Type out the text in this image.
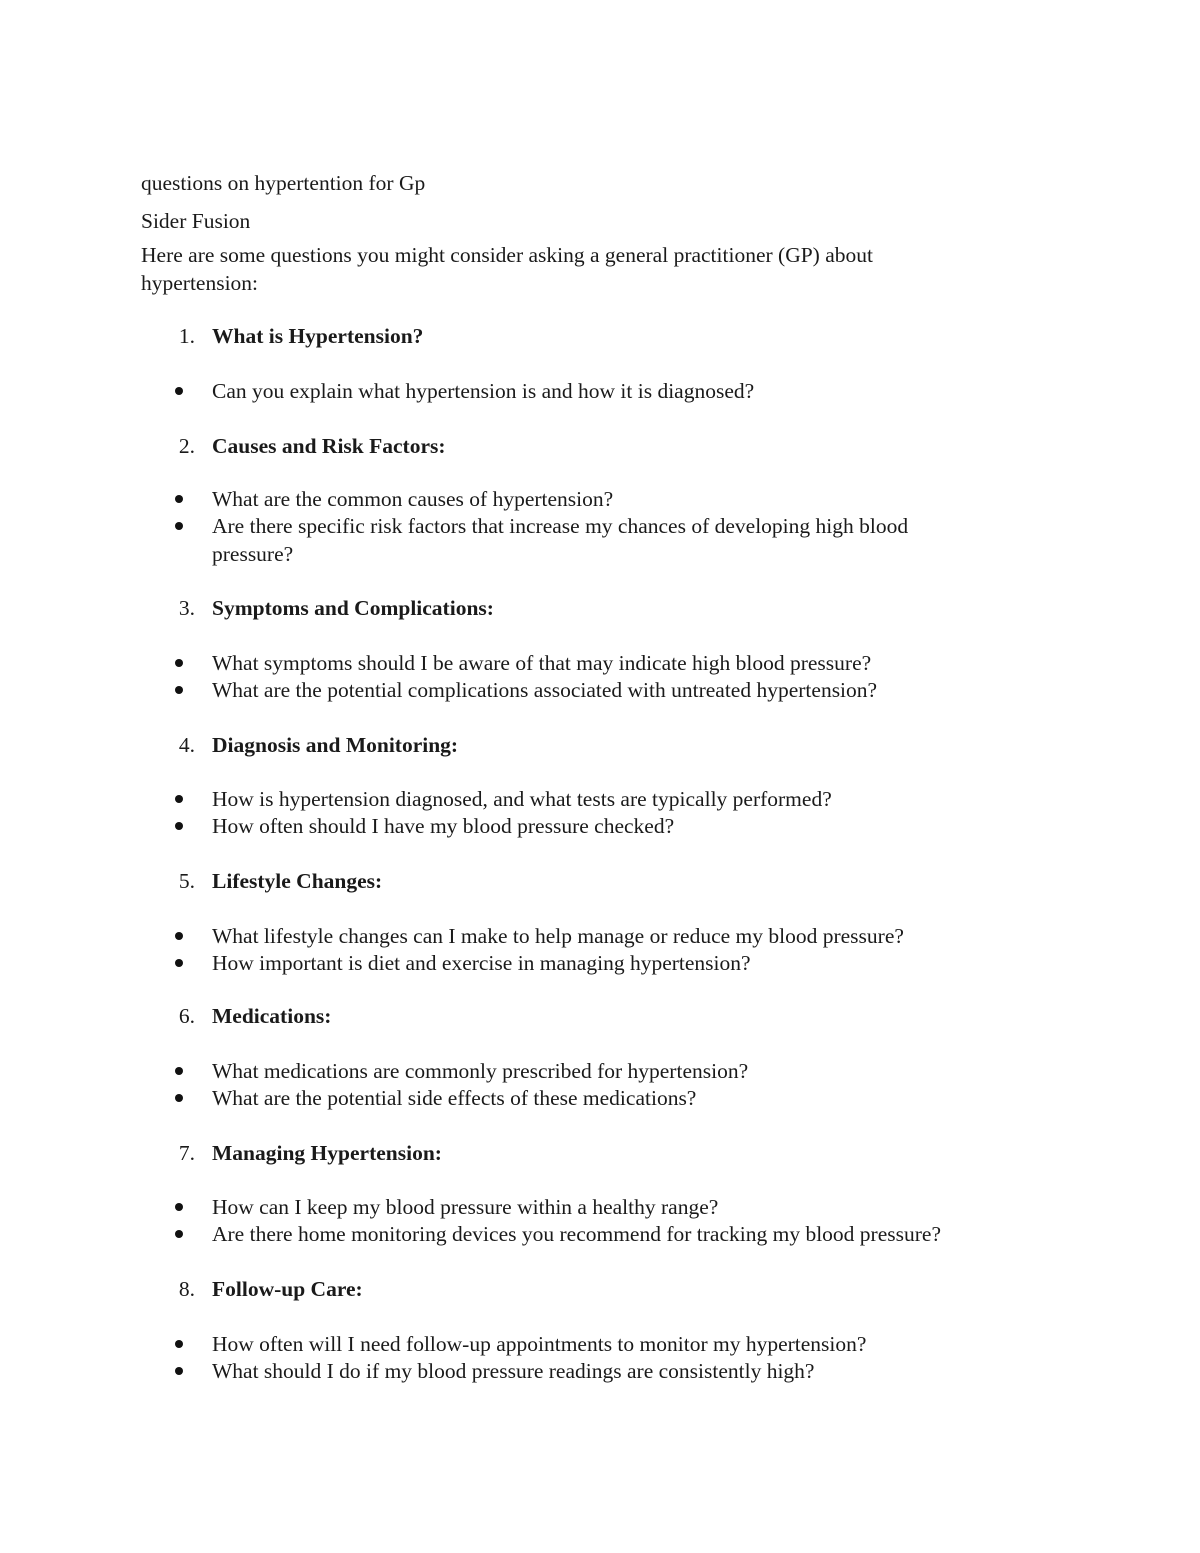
questions on hypertention for Gp
Sider Fusion
Here are some questions you might consider asking a general practitioner (GP) about hypertension:
1. What is Hypertension?
Can you explain what hypertension is and how it is diagnosed?
2. Causes and Risk Factors:
What are the common causes of hypertension?
Are there specific risk factors that increase my chances of developing high blood pressure?
3. Symptoms and Complications:
What symptoms should I be aware of that may indicate high blood pressure?
What are the potential complications associated with untreated hypertension?
4. Diagnosis and Monitoring:
How is hypertension diagnosed, and what tests are typically performed?
How often should I have my blood pressure checked?
5. Lifestyle Changes:
What lifestyle changes can I make to help manage or reduce my blood pressure?
How important is diet and exercise in managing hypertension?
6. Medications:
What medications are commonly prescribed for hypertension?
What are the potential side effects of these medications?
7. Managing Hypertension:
How can I keep my blood pressure within a healthy range?
Are there home monitoring devices you recommend for tracking my blood pressure?
8. Follow-up Care:
How often will I need follow-up appointments to monitor my hypertension?
What should I do if my blood pressure readings are consistently high?
